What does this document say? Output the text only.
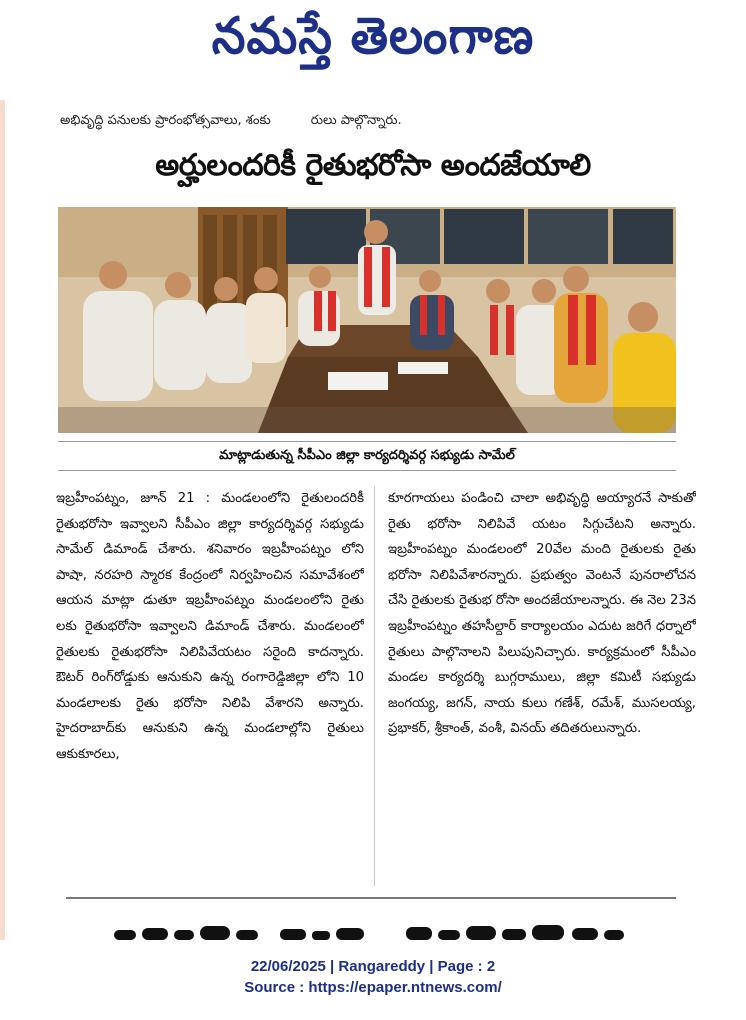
నమస్తే తెలంగాణ
అభివృద్ధి పనులకు ప్రారంభోత్సవాలు, శంకు	రులు పాల్గొన్నారు.
అర్హులందరికీ రైతుభరోసా అందజేయాలి
మాట్లాడుతున్న సీపీఎం జిల్లా కార్యదర్శివర్గ సభ్యుడు సామేల్
ఇబ్రహీంపట్నం, జూన్ 21 : మండలంలోని రైతులందరికీ రైతుభరోసా ఇవ్వాలని సీపీఎం జిల్లా కార్యదర్శివర్గ సభ్యుడు సామేల్ డిమాండ్ చేశారు. శనివారం ఇబ్రహీంపట్నం లోని పాషా, నరహరి స్మారక కేంద్రంలో నిర్వహించిన సమావేశంలో ఆయన మాట్లా డుతూ ఇబ్రహీంపట్నం మండలంలోని రైతు లకు రైతుభరోసా ఇవ్వాలని డిమాండ్ చేశారు. మండలంలో రైతులకు రైతుభరోసా నిలిపివేయటం సరైంది కాదన్నారు. ఔటర్ రింగ్‌రోడ్డుకు ఆనుకుని ఉన్న రంగారెడ్డిజిల్లా లోని 10 మండలాలకు రైతు భరోసా నిలిపి వేశారని అన్నారు. హైదరాబాద్‌కు ఆనుకుని ఉన్న మండలాల్లోని రైతులు ఆకుకూరలు,
కూరగాయలు పండించి చాలా అభివృద్ధి అయ్యారనే సాకుతో రైతు భరోసా నిలిపివే యటం సిగ్గుచేటని అన్నారు. ఇబ్రహీంపట్నం మండలంలో 20వేల మంది రైతులకు రైతు భరోసా నిలిపివేశారన్నారు. ప్రభుత్వం వెంటనే పునరాలోచన చేసి రైతులకు రైతుభ రోసా అందజేయాలన్నారు. ఈ నెల 23న ఇబ్రహీంపట్నం తహసీల్దార్ కార్యాలయం ఎదుట జరిగే ధర్నాలో రైతులు పాల్గొనాలని పిలుపునిచ్చారు. కార్యక్రమంలో సీపీఎం మండల కార్యదర్శి బుగ్గరాములు, జిల్లా కమిటీ సభ్యుడు జంగయ్య, జగన్, నాయ కులు గణేశ్, రమేశ్, ముసలయ్య, ప్రభాకర్, శ్రీకాంత్, వంశీ, వినయ్ తదితరులున్నారు.
22/06/2025 | Rangareddy | Page : 2
Source : https://epaper.ntnews.com/
